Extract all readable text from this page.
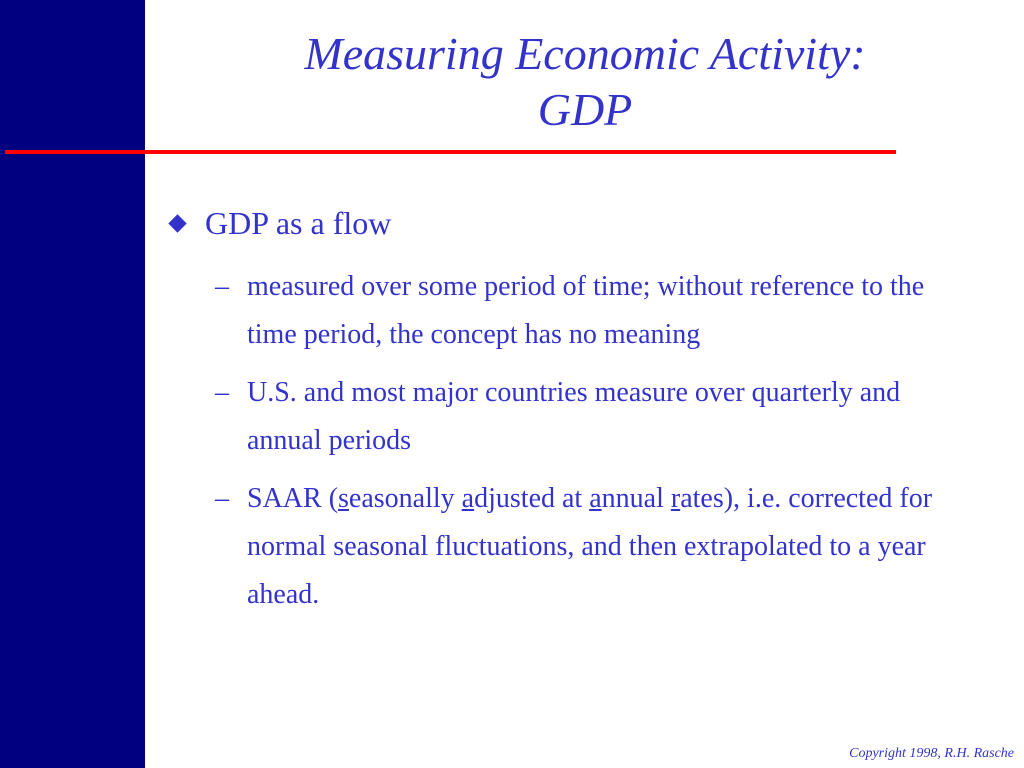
Measuring Economic Activity:
GDP
GDP as a flow
– measured over some period of time; without reference to the time period, the concept has no meaning
– U.S. and most major countries measure over quarterly and annual periods
– SAAR (seasonally adjusted at annual rates), i.e. corrected for normal seasonal fluctuations, and then extrapolated to a year ahead.
Copyright 1998, R.H. Rasche
